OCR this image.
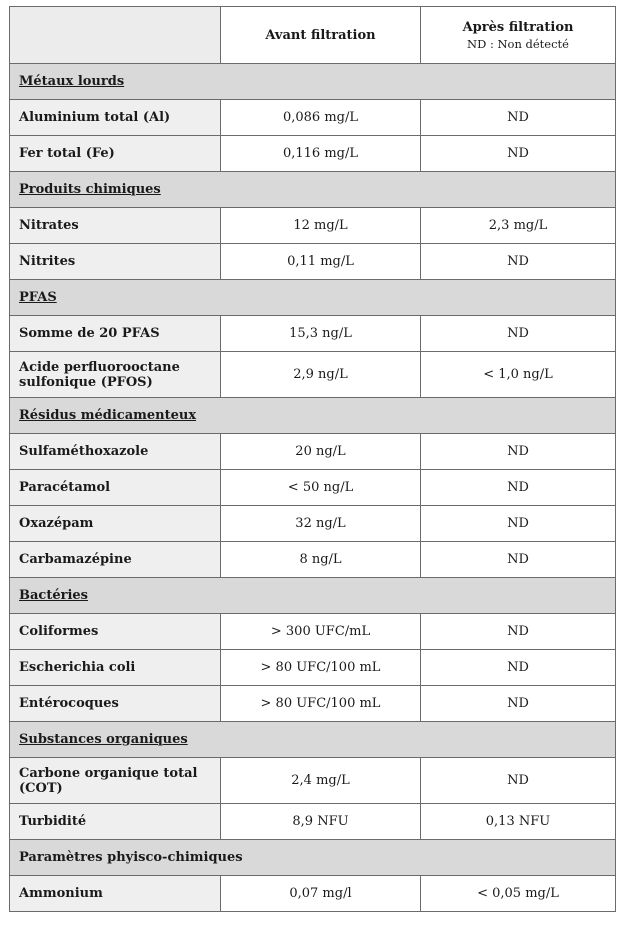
	Avant filtration	Après filtration
ND : Non détecté

Métaux lourds		
Aluminium total (Al)	0,086 mg/L	ND
Fer total (Fe)	0,116 mg/L	ND
Produits chimiques		
Nitrates	12 mg/L	2,3 mg/L
Nitrites	0,11 mg/L	ND
PFAS		
Somme de 20 PFAS	15,3 ng/L	ND
Acide perfluorooctane sulfonique (PFOS)	2,9 ng/L	< 1,0 ng/L
Résidus médicamenteux		
Sulfaméthoxazole	20 ng/L	ND
Paracétamol	< 50 ng/L	ND
Oxazépam	32 ng/L	ND
Carbamazépine	8 ng/L	ND
Bactéries		
Coliformes	> 300 UFC/mL	ND
Escherichia coli	> 80 UFC/100 mL	ND
Entérocoques	> 80 UFC/100 mL	ND
Substances organiques		
Carbone organique total (COT)	2,4 mg/L	ND
Turbidité	8,9 NFU	0,13 NFU
Paramètres phyisco-chimiques		
Ammonium	0,07 mg/l	< 0,05 mg/L
